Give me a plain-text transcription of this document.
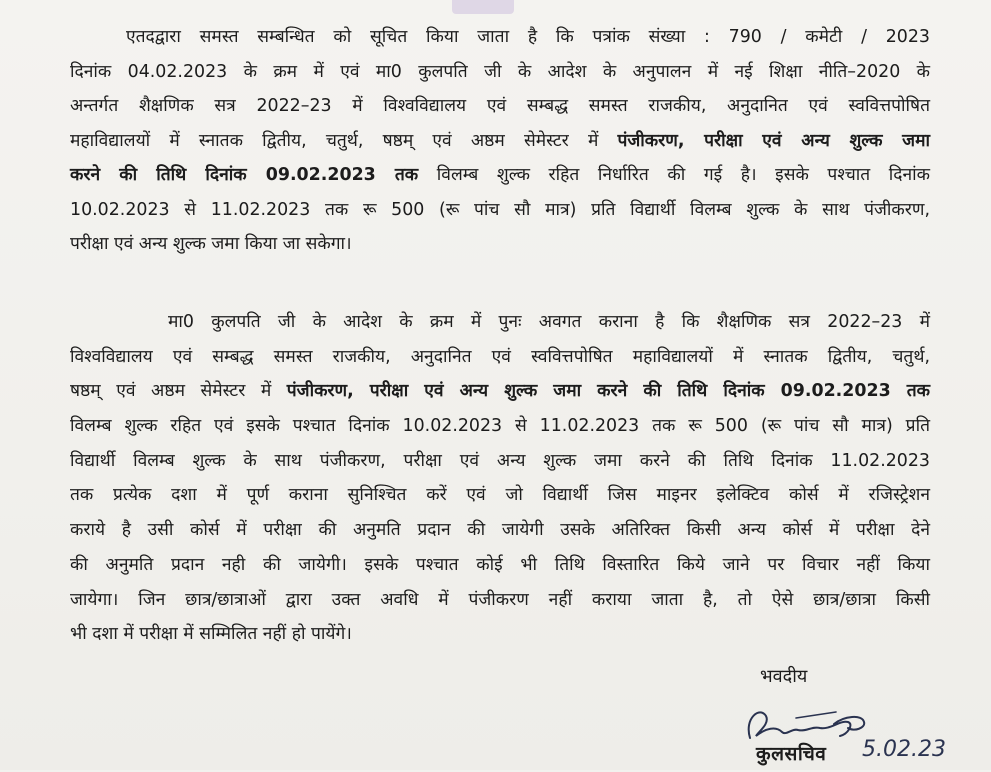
एतदद्वारा समस्त सम्बन्धित को सूचित किया जाता है कि पत्रांक संख्या : 790 / कमेटी / 2023
दिनांक 04.02.2023 के क्रम में एवं मा0 कुलपति जी के आदेश के अनुपालन में नई शिक्षा नीति–2020 के
अन्तर्गत शैक्षणिक सत्र 2022–23 में विश्वविद्यालय एवं सम्बद्ध समस्त राजकीय, अनुदानित एवं स्ववित्तपोषित
महाविद्यालयों में स्नातक द्वितीय, चतुर्थ, षष्ठम् एवं अष्ठम सेमेस्टर में पंजीकरण, परीक्षा एवं अन्य शुल्क जमा
करने की तिथि दिनांक 09.02.2023 तक विलम्ब शुल्क रहित निर्धारित की गई है। इसके पश्चात दिनांक
10.02.2023 से 11.02.2023 तक रू 500 (रू पांच सौ मात्र) प्रति विद्यार्थी विलम्ब शुल्क के साथ पंजीकरण,
परीक्षा एवं अन्य शुल्क जमा किया जा सकेगा।
मा0 कुलपति जी के आदेश के क्रम में पुनः अवगत कराना है कि शैक्षणिक सत्र 2022–23 में
विश्वविद्यालय एवं सम्बद्ध समस्त राजकीय, अनुदानित एवं स्ववित्तपोषित महाविद्यालयों में स्नातक द्वितीय, चतुर्थ,
षष्ठम् एवं अष्ठम सेमेस्टर में पंजीकरण, परीक्षा एवं अन्य शुल्क जमा करने की तिथि दिनांक 09.02.2023 तक
विलम्ब शुल्क रहित एवं इसके पश्चात दिनांक 10.02.2023 से 11.02.2023 तक रू 500 (रू पांच सौ मात्र) प्रति
विद्यार्थी विलम्ब शुल्क के साथ पंजीकरण, परीक्षा एवं अन्य शुल्क जमा करने की तिथि दिनांक 11.02.2023
तक प्रत्येक दशा में पूर्ण कराना सुनिश्चित करें एवं जो विद्यार्थी जिस माइनर इलेक्टिव कोर्स में रजिस्ट्रेशन
कराये है उसी कोर्स में परीक्षा की अनुमति प्रदान की जायेगी उसके अतिरिक्त किसी अन्य कोर्स में परीक्षा देने
की अनुमति प्रदान नही की जायेगी। इसके पश्चात कोई भी तिथि विस्तारित किये जाने पर विचार नहीं किया
जायेगा। जिन छात्र/छात्राओं द्वारा उक्त अवधि में पंजीकरण नहीं कराया जाता है, तो ऐसे छात्र/छात्रा किसी
भी दशा में परीक्षा में सम्मिलित नहीं हो पायेंगे।
भवदीय
5.02.23
कुलसचिव
